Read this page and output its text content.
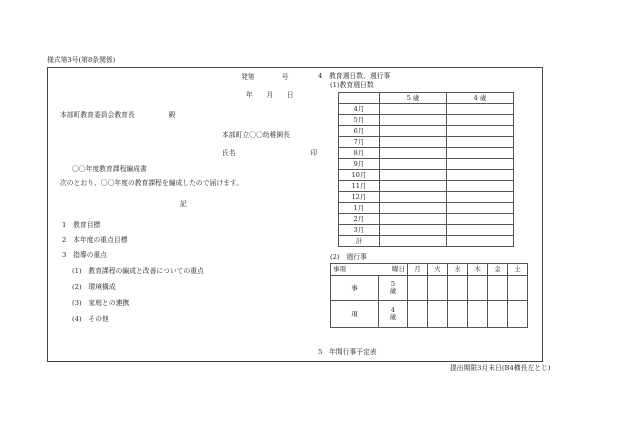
様式第3号(第8条関係)
発第　　　　号
年　　月　　日
本部町教育委員会教育長　　　　　殿
本部町立〇〇幼稚園長
氏名　　　　　　　　　　　印
〇〇年度教育課程編成書
次のとおり、〇〇年度の教育課程を編成したので届けます。
記
1　教育目標
2　本年度の重点目標
3　指導の重点
(1)　教育課程の編成と改善についての重点
(2)　環境構成
(3)　家庭との連携
(4)　その他
4　教育週日数、週行事
(1)教育週日数
	5 歳	4 歳
4月		
5月		
6月		
7月		
8月		
9月		
10月		
11月		
12月		
1月		
2月		
3月		
計		
(2)　週行事
事項 曜日		月	火	水	木	金	土
事	5
歳						

項	4
歳						

5　年間行事予定表
提出期限3月末日(B4横長左とじ)
